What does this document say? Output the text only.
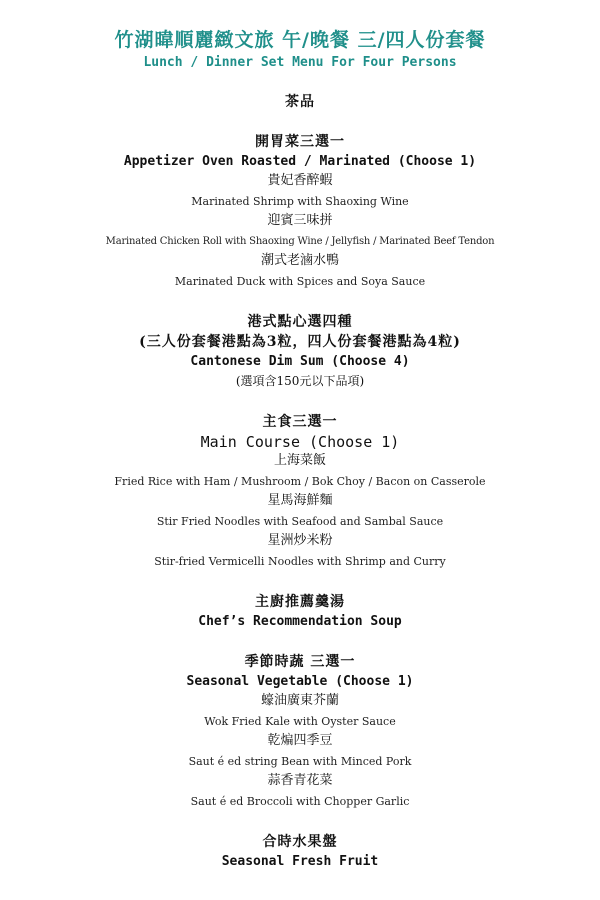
竹湖暐順麗緻文旅 午/晚餐 三/四人份套餐
Lunch / Dinner Set Menu For Four Persons
茶品
開胃菜三選一
Appetizer Oven Roasted / Marinated (Choose 1)
貴妃香醉蝦
Marinated Shrimp with Shaoxing Wine
迎賓三味拼
Marinated Chicken Roll with Shaoxing Wine / Jellyfish / Marinated Beef Tendon
潮式老滷水鴨
Marinated Duck with Spices and Soya Sauce
港式點心選四種
(三人份套餐港點為3粒，四人份套餐港點為4粒)
Cantonese Dim Sum (Choose 4)
(選項含150元以下品項)
主食三選一
Main Course (Choose 1)
上海菜飯
Fried Rice with Ham / Mushroom / Bok Choy / Bacon on Casserole
星馬海鮮麵
Stir Fried Noodles with Seafood and Sambal Sauce
星洲炒米粉
Stir-fried Vermicelli Noodles with Shrimp and Curry
主廚推薦羹湯
Chef’s Recommendation Soup
季節時蔬 三選一
Seasonal Vegetable (Choose 1)
蠔油廣東芥蘭
Wok Fried Kale with Oyster Sauce
乾煸四季豆
Saut é ed string Bean with Minced Pork
蒜香青花菜
Saut é ed Broccoli with Chopper Garlic
合時水果盤
Seasonal Fresh Fruit
